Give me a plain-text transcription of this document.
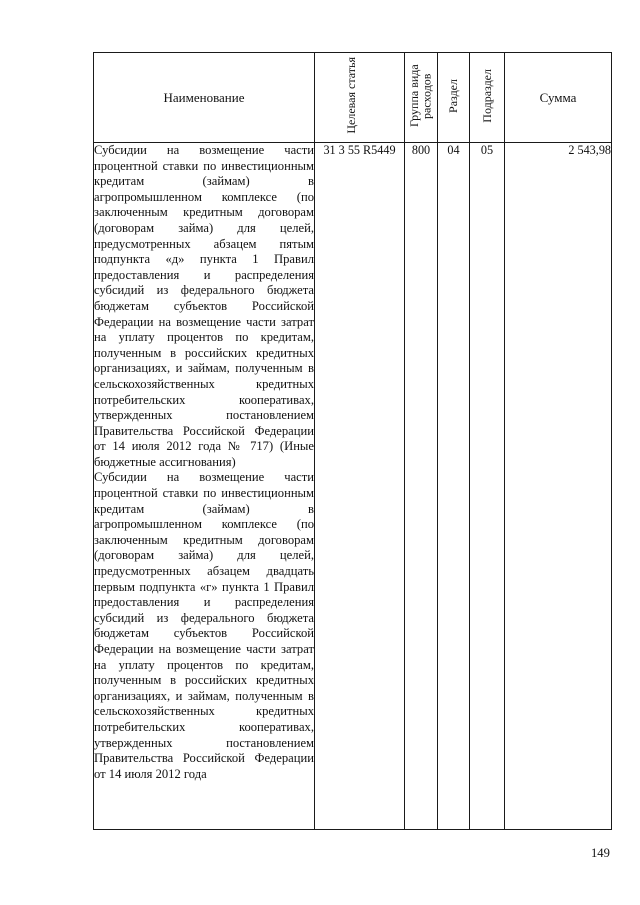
Наименование	Целевая статья	Группа вида расходов	Раздел	Подраздел	Сумма

Субсидии на возмещение части процентной ставки по инвестиционным кредитам (займам) в агропромышленном комплексе (по заключенным кредитным договорам (договорам займа) для целей, предусмотренных абзацем пятым подпункта «д» пункта 1 Правил предоставления и распределения субсидий из федерального бюджета бюджетам субъектов Российской Федерации на возмещение части затрат на уплату процентов по кредитам, полученным в российских кредитных организациях, и займам, полученным в сельскохозяйственных кредитных потребительских кооперативах, утвержденных постановлением Правительства Российской Федерации от 14 июля 2012 года № 717) (Иные бюджетные ассигнования)

Субсидии на возмещение части процентной ставки по инвестиционным кредитам (займам) в агропромышленном комплексе (по заключенным кредитным договорам (договорам займа) для целей, предусмотренных абзацем двадцать первым подпункта «г» пункта 1 Правил предоставления и распределения субсидий из федерального бюджета бюджетам субъектов Российской Федерации на возмещение части затрат на уплату процентов по кредитам, полученным в российских кредитных организациях, и займам, полученным в сельскохозяйственных кредитных потребительских кооперативах, утвержденных постановлением Правительства Российской Федерации от 14 июля 2012 года	31 3 55 R5449	800	04	05	2 543,98
149
